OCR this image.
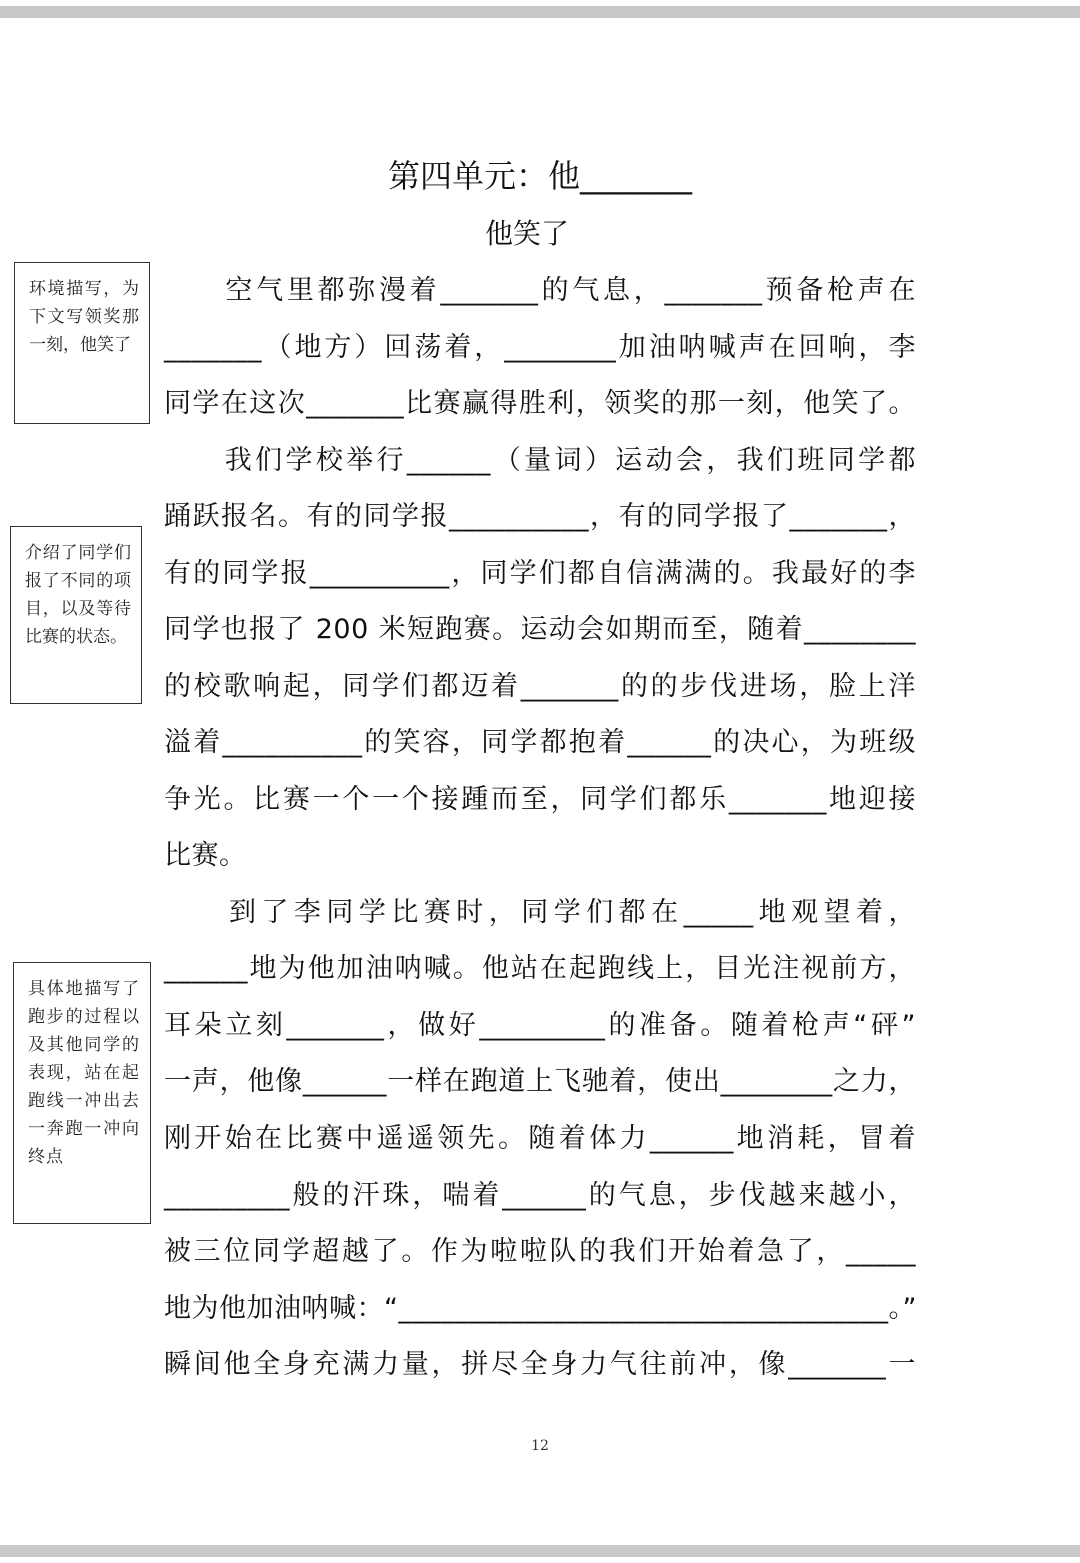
第四单元：他_______
他笑了
环境描写，为下文写领奖那一刻，他笑了
介绍了同学们报了不同的项目，以及等待比赛的状态。
具体地描写了跑步的过程以及其他同学的表现，站在起跑线一冲出去一奔跑一冲向终点
　　空气里都弥漫着_______的气息，_______预备枪声在
_______（地方）回荡着，________加油呐喊声在回响，李
同学在这次_______比赛赢得胜利，领奖的那一刻，他笑了。
　　我们学校举行______（量词）运动会，我们班同学都
踊跃报名。有的同学报__________，有的同学报了_______，
有的同学报__________，同学们都自信满满的。我最好的李
同学也报了 200 米短跑赛。运动会如期而至，随着________
的校歌响起，同学们都迈着_______的的步伐进场，脸上洋
溢着__________的笑容，同学都抱着______的决心，为班级
争光。比赛一个一个接踵而至，同学们都乐_______地迎接
比赛。
　　到了李同学比赛时，同学们都在_____地观望着，
______地为他加油呐喊。他站在起跑线上，目光注视前方，
耳朵立刻_______，做好_________的准备。随着枪声“砰”
一声，他像______一样在跑道上飞驰着，使出________之力，
刚开始在比赛中遥遥领先。随着体力______地消耗，冒着
_________般的汗珠，喘着______的气息，步伐越来越小，
被三位同学超越了。作为啦啦队的我们开始着急了，_____
地为他加油呐喊：“___________________________________。”
瞬间他全身充满力量，拼尽全身力气往前冲，像_______一
12
